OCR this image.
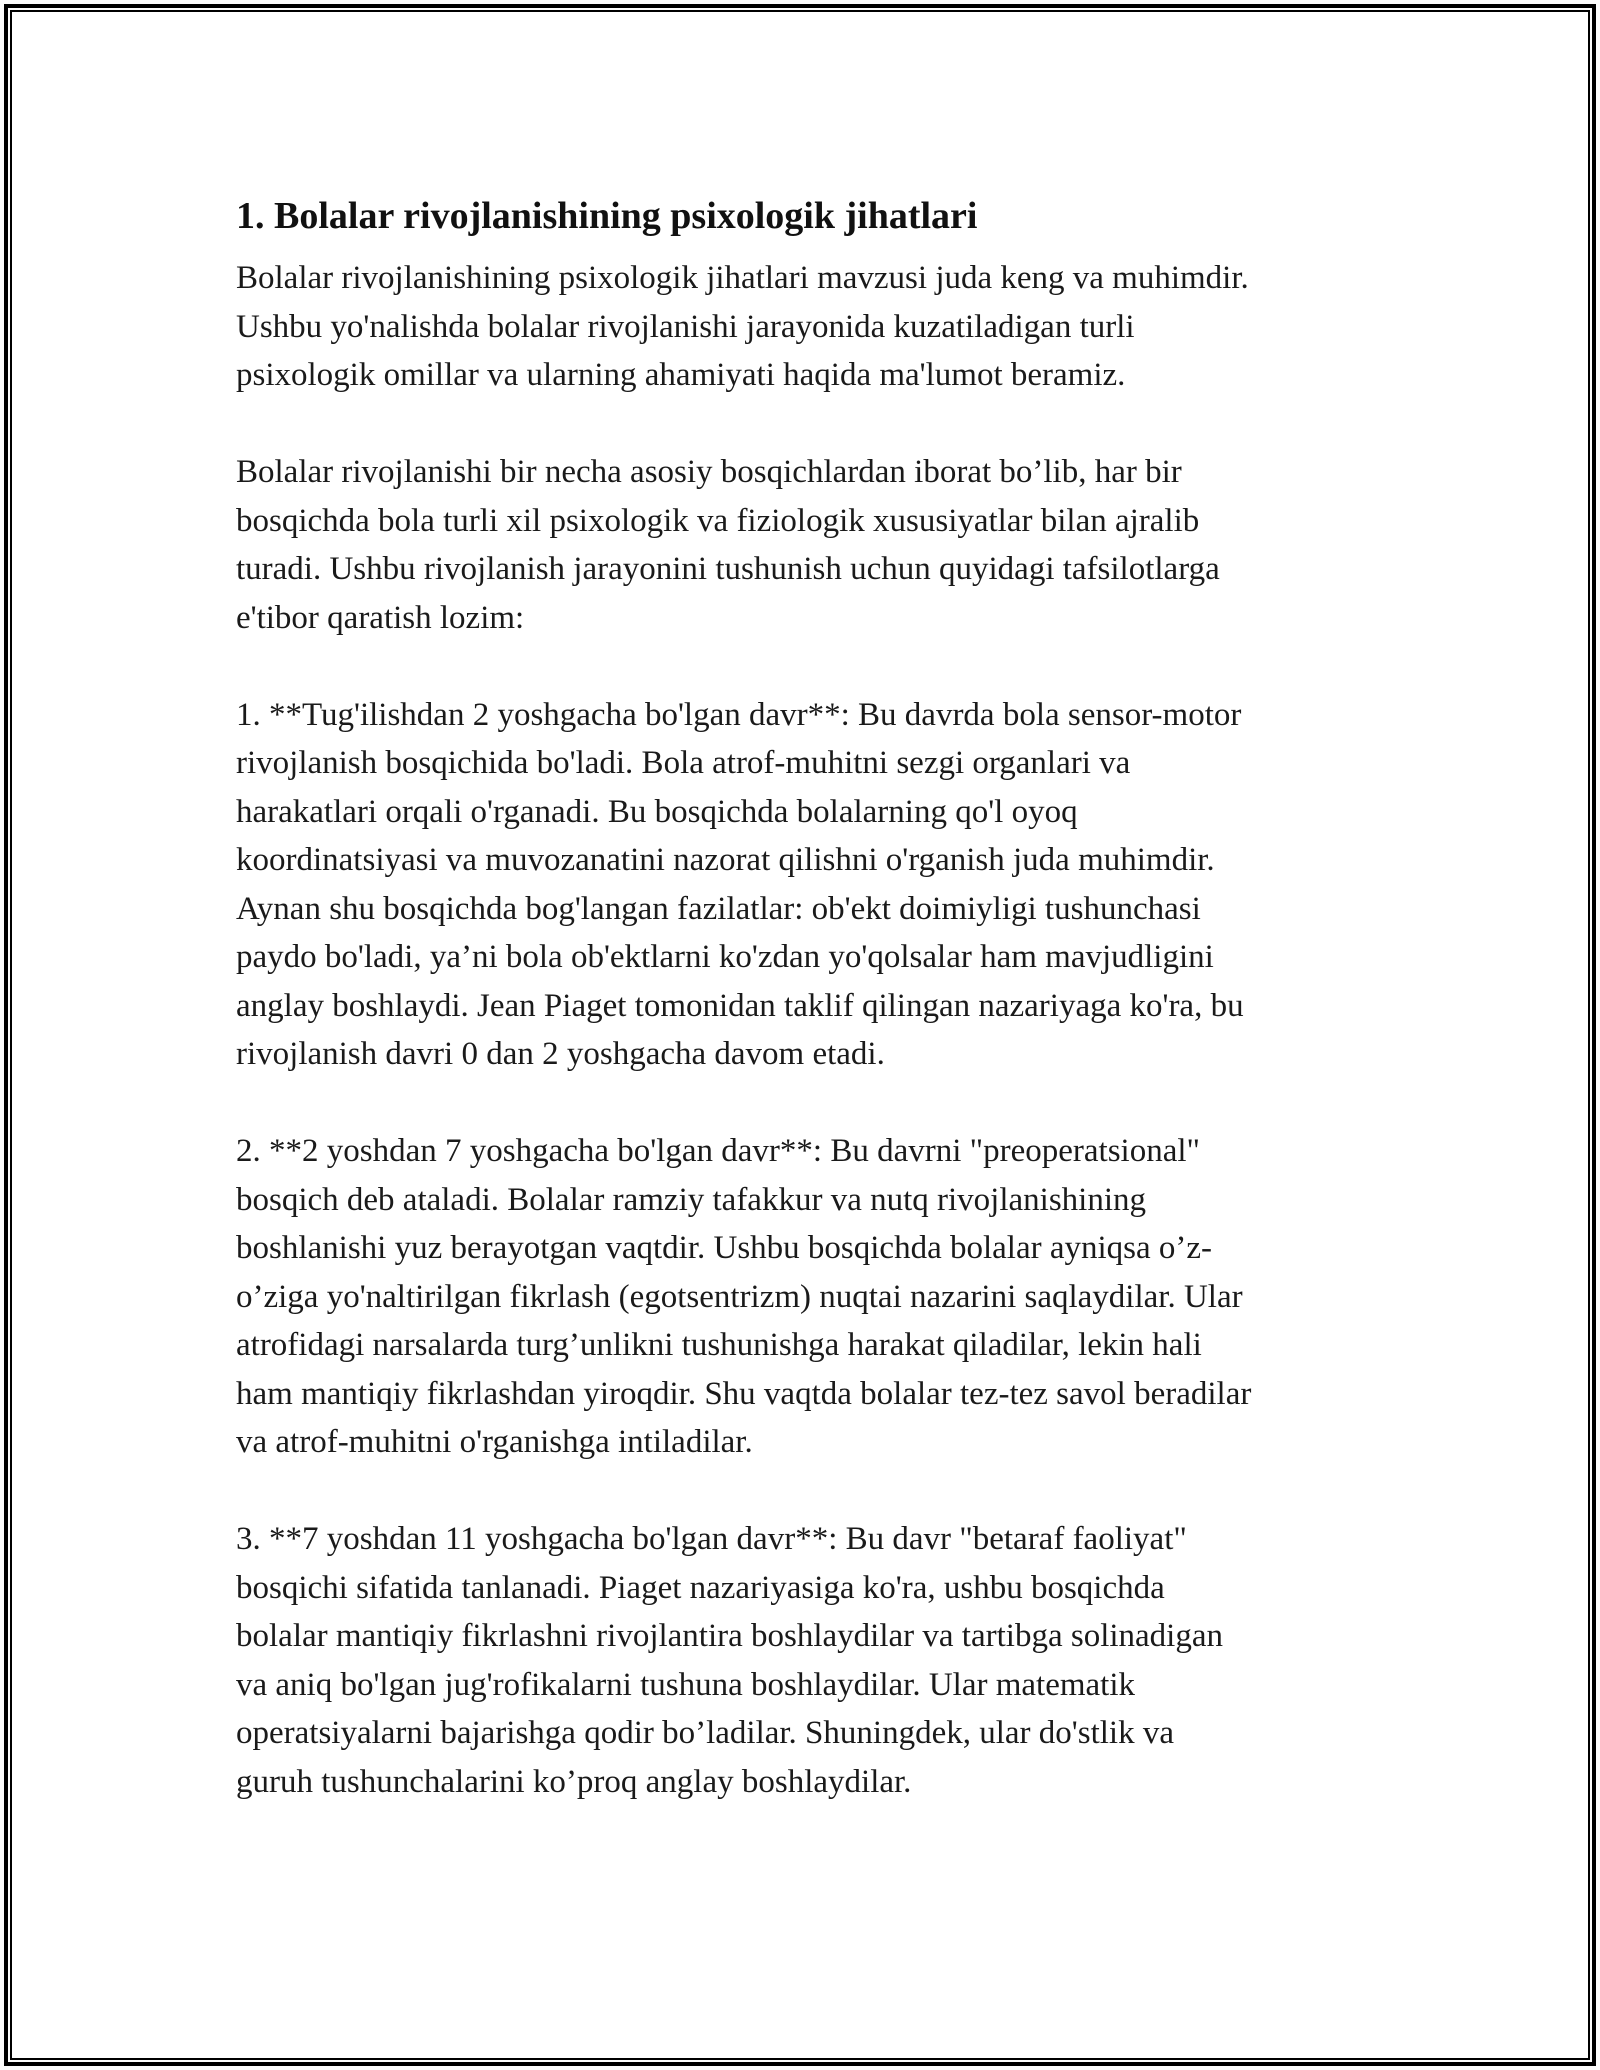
1. Bolalar rivojlanishining psixologik jihatlari

Bolalar rivojlanishining psixologik jihatlari mavzusi juda keng va muhimdir.
Ushbu yo'nalishda bolalar rivojlanishi jarayonida kuzatiladigan turli
psixologik omillar va ularning ahamiyati haqida ma'lumot beramiz.

Bolalar rivojlanishi bir necha asosiy bosqichlardan iborat bo’lib, har bir
bosqichda bola turli xil psixologik va fiziologik xususiyatlar bilan ajralib
turadi. Ushbu rivojlanish jarayonini tushunish uchun quyidagi tafsilotlarga
e'tibor qaratish lozim:

1. **Tug'ilishdan 2 yoshgacha bo'lgan davr**: Bu davrda bola sensor-motor
rivojlanish bosqichida bo'ladi. Bola atrof-muhitni sezgi organlari va
harakatlari orqali o'rganadi. Bu bosqichda bolalarning qo'l oyoq
koordinatsiyasi va muvozanatini nazorat qilishni o'rganish juda muhimdir.
Aynan shu bosqichda bog'langan fazilatlar: ob'ekt doimiyligi tushunchasi
paydo bo'ladi, ya’ni bola ob'ektlarni ko'zdan yo'qolsalar ham mavjudligini
anglay boshlaydi. Jean Piaget tomonidan taklif qilingan nazariyaga ko'ra, bu
rivojlanish davri 0 dan 2 yoshgacha davom etadi.

2. **2 yoshdan 7 yoshgacha bo'lgan davr**: Bu davrni "preoperatsional"
bosqich deb ataladi. Bolalar ramziy tafakkur va nutq rivojlanishining
boshlanishi yuz berayotgan vaqtdir. Ushbu bosqichda bolalar ayniqsa o’z-
o’ziga yo'naltirilgan fikrlash (egotsentrizm) nuqtai nazarini saqlaydilar. Ular
atrofidagi narsalarda turg’unlikni tushunishga harakat qiladilar, lekin hali
ham mantiqiy fikrlashdan yiroqdir. Shu vaqtda bolalar tez-tez savol beradilar
va atrof-muhitni o'rganishga intiladilar.

3. **7 yoshdan 11 yoshgacha bo'lgan davr**: Bu davr "betaraf faoliyat"
bosqichi sifatida tanlanadi. Piaget nazariyasiga ko'ra, ushbu bosqichda
bolalar mantiqiy fikrlashni rivojlantira boshlaydilar va tartibga solinadigan
va aniq bo'lgan jug'rofikalarni tushuna boshlaydilar. Ular matematik
operatsiyalarni bajarishga qodir bo’ladilar. Shuningdek, ular do'stlik va
guruh tushunchalarini ko’proq anglay boshlaydilar.
